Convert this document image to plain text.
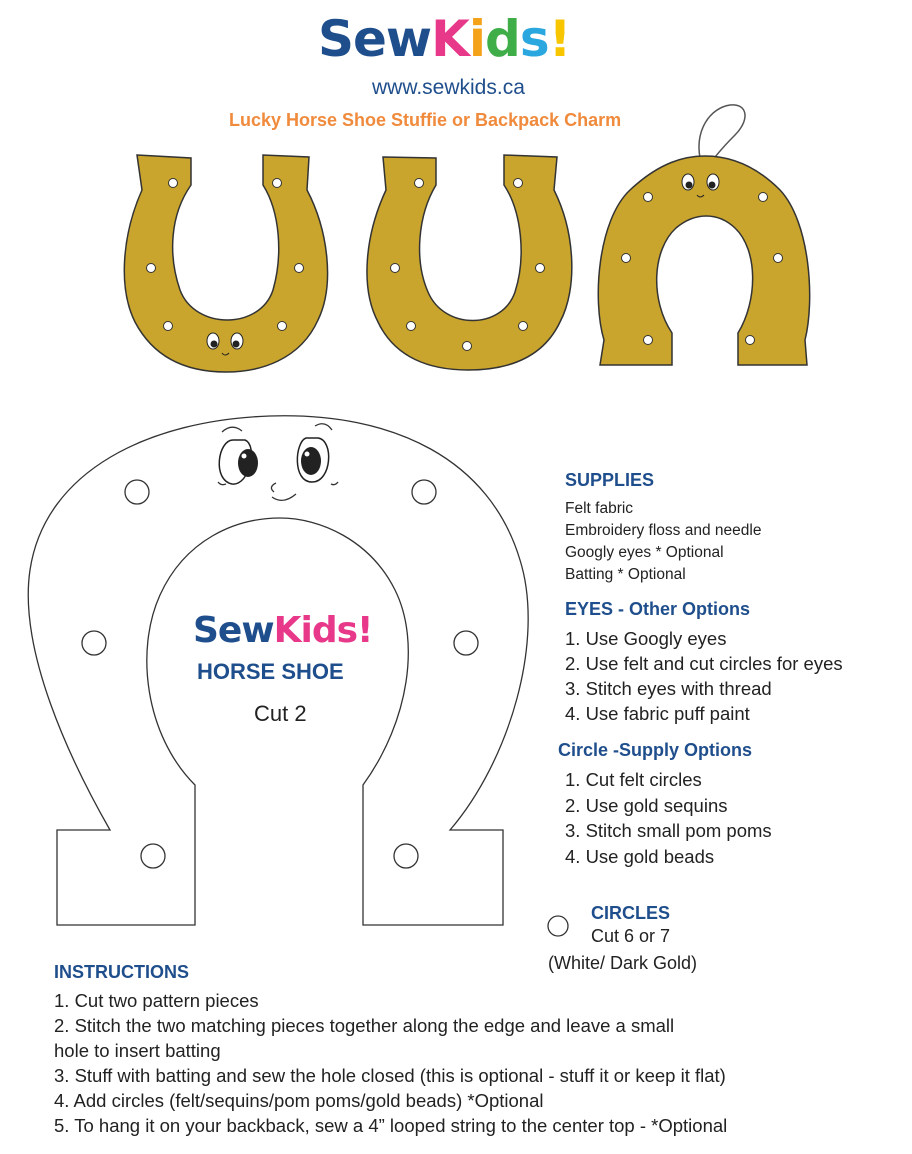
SewKids!
www.sewkids.ca
Lucky Horse Shoe Stuffie or Backpack Charm
SewKids!
HORSE SHOE
Cut 2
SUPPLIES
Felt fabric
Embroidery floss and needle
Googly eyes * Optional
Batting * Optional
EYES - Other Options
1. Use Googly eyes
2. Use felt and cut circles for eyes
3. Stitch eyes with thread
4. Use fabric puff paint
Circle -Supply Options
1. Cut felt circles
2. Use gold sequins
3. Stitch small pom poms
4. Use gold beads
CIRCLES
Cut 6 or 7
(White/ Dark Gold)
INSTRUCTIONS
1. Cut two pattern pieces
2. Stitch the two matching pieces together along the edge and leave a small
hole to insert batting
3. Stuff with batting and sew the hole closed (this is optional - stuff it or keep it flat)
4. Add circles (felt/sequins/pom poms/gold beads) *Optional
5. To hang it on your backback, sew a 4” looped string to the center top - *Optional
